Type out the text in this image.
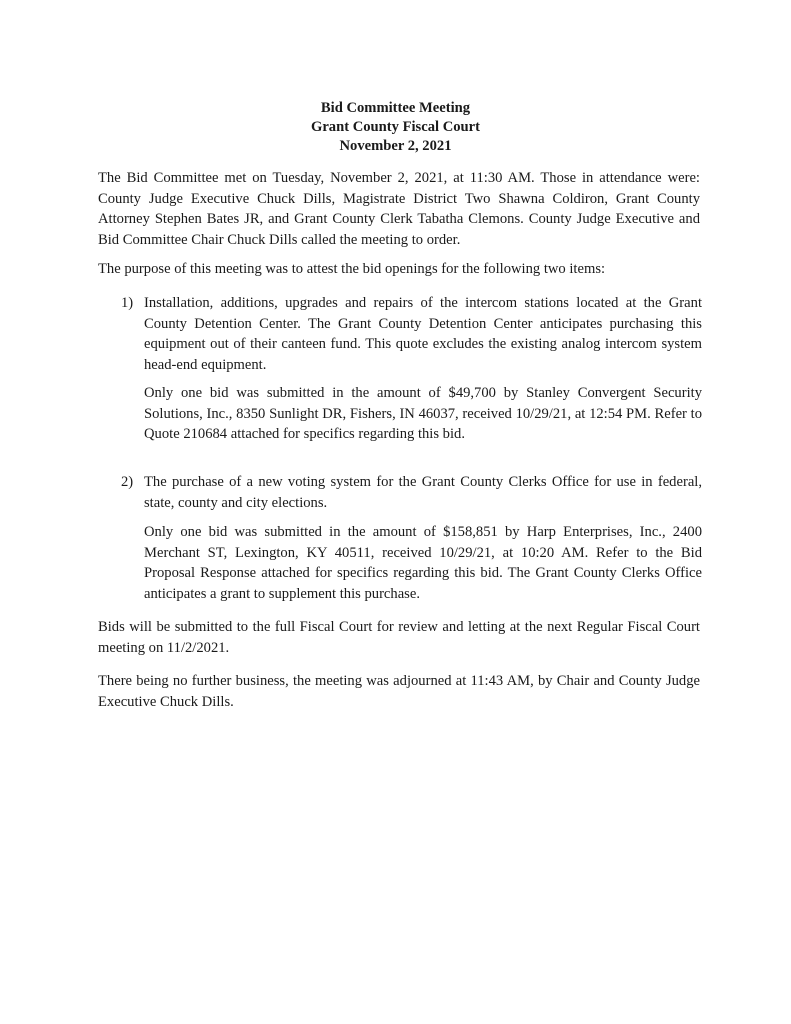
Bid Committee Meeting
Grant County Fiscal Court
November 2, 2021

The Bid Committee met on Tuesday, November 2, 2021, at 11:30 AM. Those in attendance were: County Judge Executive Chuck Dills, Magistrate District Two Shawna Coldiron, Grant County Attorney Stephen Bates JR, and Grant County Clerk Tabatha Clemons. County Judge Executive and Bid Committee Chair Chuck Dills called the meeting to order.

The purpose of this meeting was to attest the bid openings for the following two items:

1) Installation, additions, upgrades and repairs of the intercom stations located at the Grant County Detention Center. The Grant County Detention Center anticipates purchasing this equipment out of their canteen fund. This quote excludes the existing analog intercom system head-end equipment.

Only one bid was submitted in the amount of $49,700 by Stanley Convergent Security Solutions, Inc., 8350 Sunlight DR, Fishers, IN 46037, received 10/29/21, at 12:54 PM. Refer to Quote 210684 attached for specifics regarding this bid.

2) The purchase of a new voting system for the Grant County Clerks Office for use in federal, state, county and city elections.

Only one bid was submitted in the amount of $158,851 by Harp Enterprises, Inc., 2400 Merchant ST, Lexington, KY 40511, received 10/29/21, at 10:20 AM. Refer to the Bid Proposal Response attached for specifics regarding this bid. The Grant County Clerks Office anticipates a grant to supplement this purchase.

Bids will be submitted to the full Fiscal Court for review and letting at the next Regular Fiscal Court meeting on 11/2/2021.

There being no further business, the meeting was adjourned at 11:43 AM, by Chair and County Judge Executive Chuck Dills.
